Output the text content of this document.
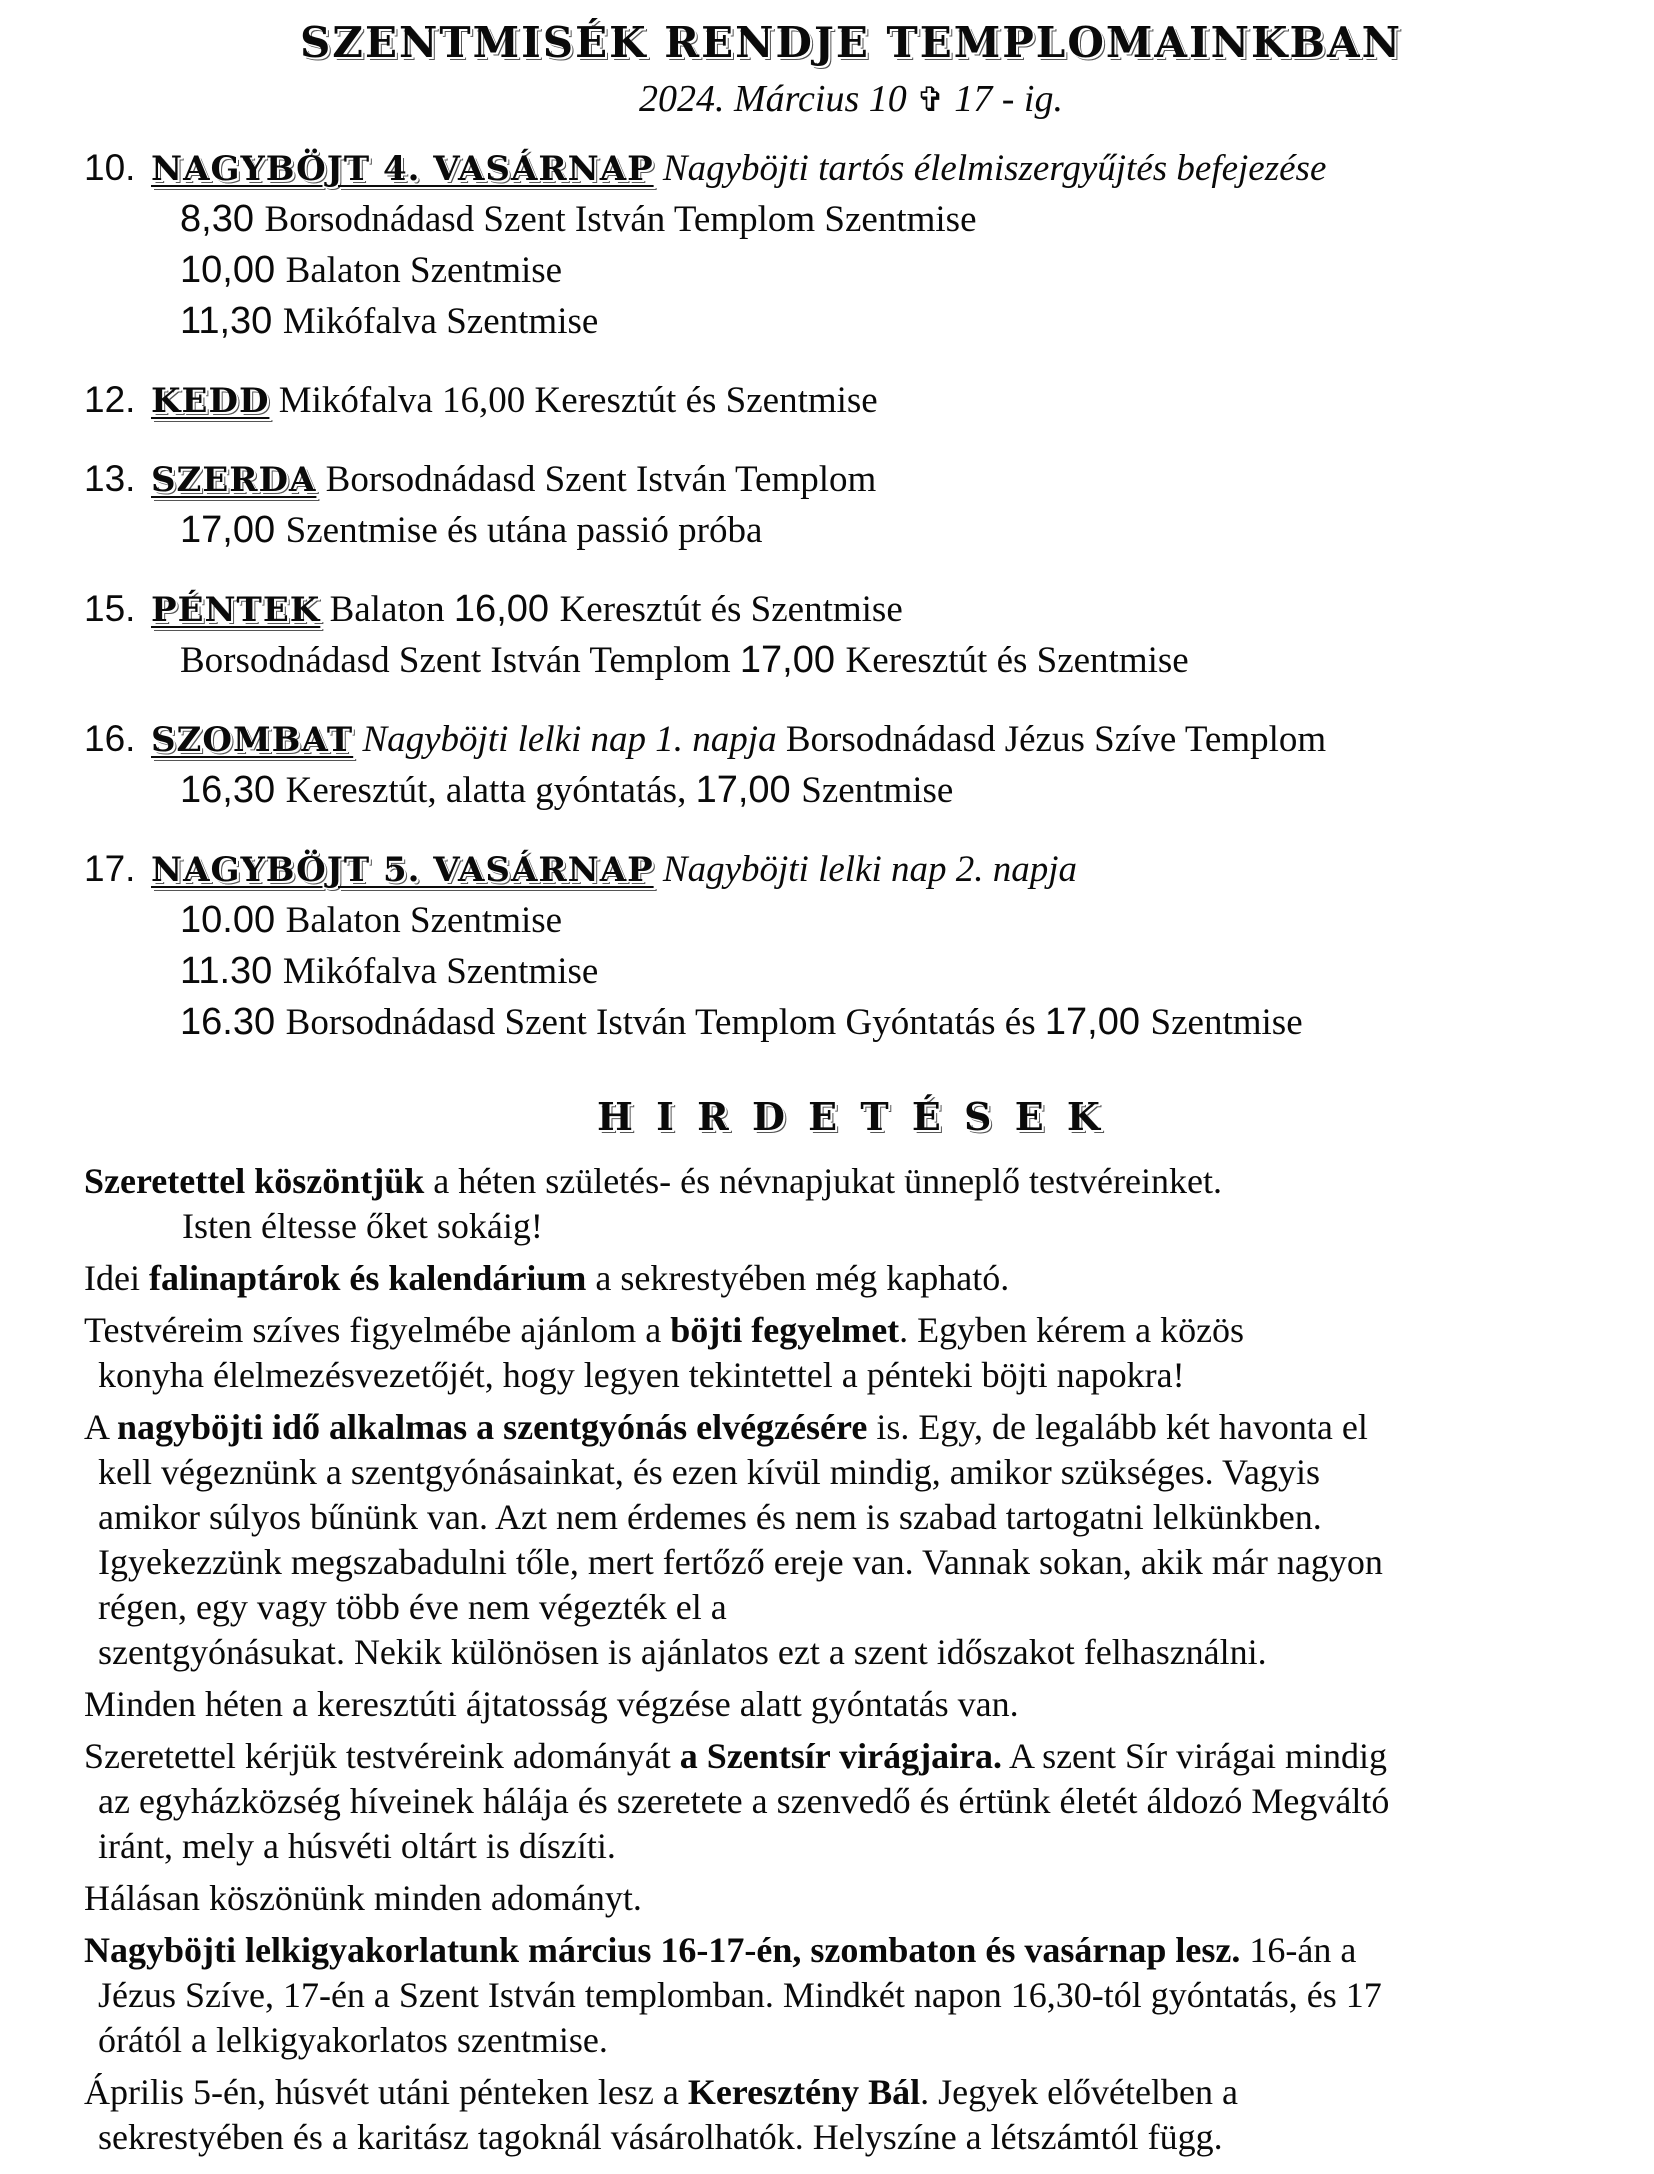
SZENTMISÉK RENDJE TEMPLOMAINKBAN
2024. Március 10 ✞ 17 - ig.
10. NAGYBÖJT 4. VASÁRNAP Nagyböjti tartós élelmiszergyűjtés befejezése
8,30 Borsodnádasd Szent István Templom Szentmise
10,00 Balaton Szentmise
11,30 Mikófalva Szentmise
12. KEDD Mikófalva 16,00 Keresztút és Szentmise
13. SZERDA Borsodnádasd Szent István Templom
17,00 Szentmise és utána passió próba
15. PÉNTEK Balaton 16,00 Keresztút és Szentmise
Borsodnádasd Szent István Templom 17,00 Keresztút és Szentmise
16. SZOMBAT Nagyböjti lelki nap 1. napja Borsodnádasd Jézus Szíve Templom
16,30 Keresztút, alatta gyóntatás, 17,00 Szentmise
17. NAGYBÖJT 5. VASÁRNAP Nagyböjti lelki nap 2. napja
10.00 Balaton Szentmise
11.30 Mikófalva Szentmise
16.30 Borsodnádasd Szent István Templom Gyóntatás és 17,00 Szentmise
H I R D E T É S E K
Szeretettel köszöntjük a héten születés- és névnapjukat ünneplő testvéreinket.
Isten éltesse őket sokáig!
Idei falinaptárok és kalendárium a sekrestyében még kapható.
Testvéreim szíves figyelmébe ajánlom a böjti fegyelmet. Egyben kérem a közös
konyha élelmezésvezetőjét, hogy legyen tekintettel a pénteki böjti napokra!
A nagyböjti idő alkalmas a szentgyónás elvégzésére is. Egy, de legalább két havonta el
kell végeznünk a szentgyónásainkat, és ezen kívül mindig, amikor szükséges. Vagyis
amikor súlyos bűnünk van. Azt nem érdemes és nem is szabad tartogatni lelkünkben.
Igyekezzünk megszabadulni tőle, mert fertőző ereje van. Vannak sokan, akik már nagyon
régen, egy vagy több éve nem végezték el a
szentgyónásukat. Nekik különösen is ajánlatos ezt a szent időszakot felhasználni.
Minden héten a keresztúti ájtatosság végzése alatt gyóntatás van.
Szeretettel kérjük testvéreink adományát a Szentsír virágjaira. A szent Sír virágai mindig
az egyházközség híveinek hálája és szeretete a szenvedő és értünk életét áldozó Megváltó
iránt, mely a húsvéti oltárt is díszíti.
Hálásan köszönünk minden adományt.
Nagyböjti lelkigyakorlatunk március 16-17-én, szombaton és vasárnap lesz. 16-án a
Jézus Szíve, 17-én a Szent István templomban. Mindkét napon 16,30-tól gyóntatás, és 17
órától a lelkigyakorlatos szentmise.
Április 5-én, húsvét utáni pénteken lesz a Keresztény Bál. Jegyek elővételben a
sekrestyében és a karitász tagoknál vásárolhatók. Helyszíne a létszámtól függ.
